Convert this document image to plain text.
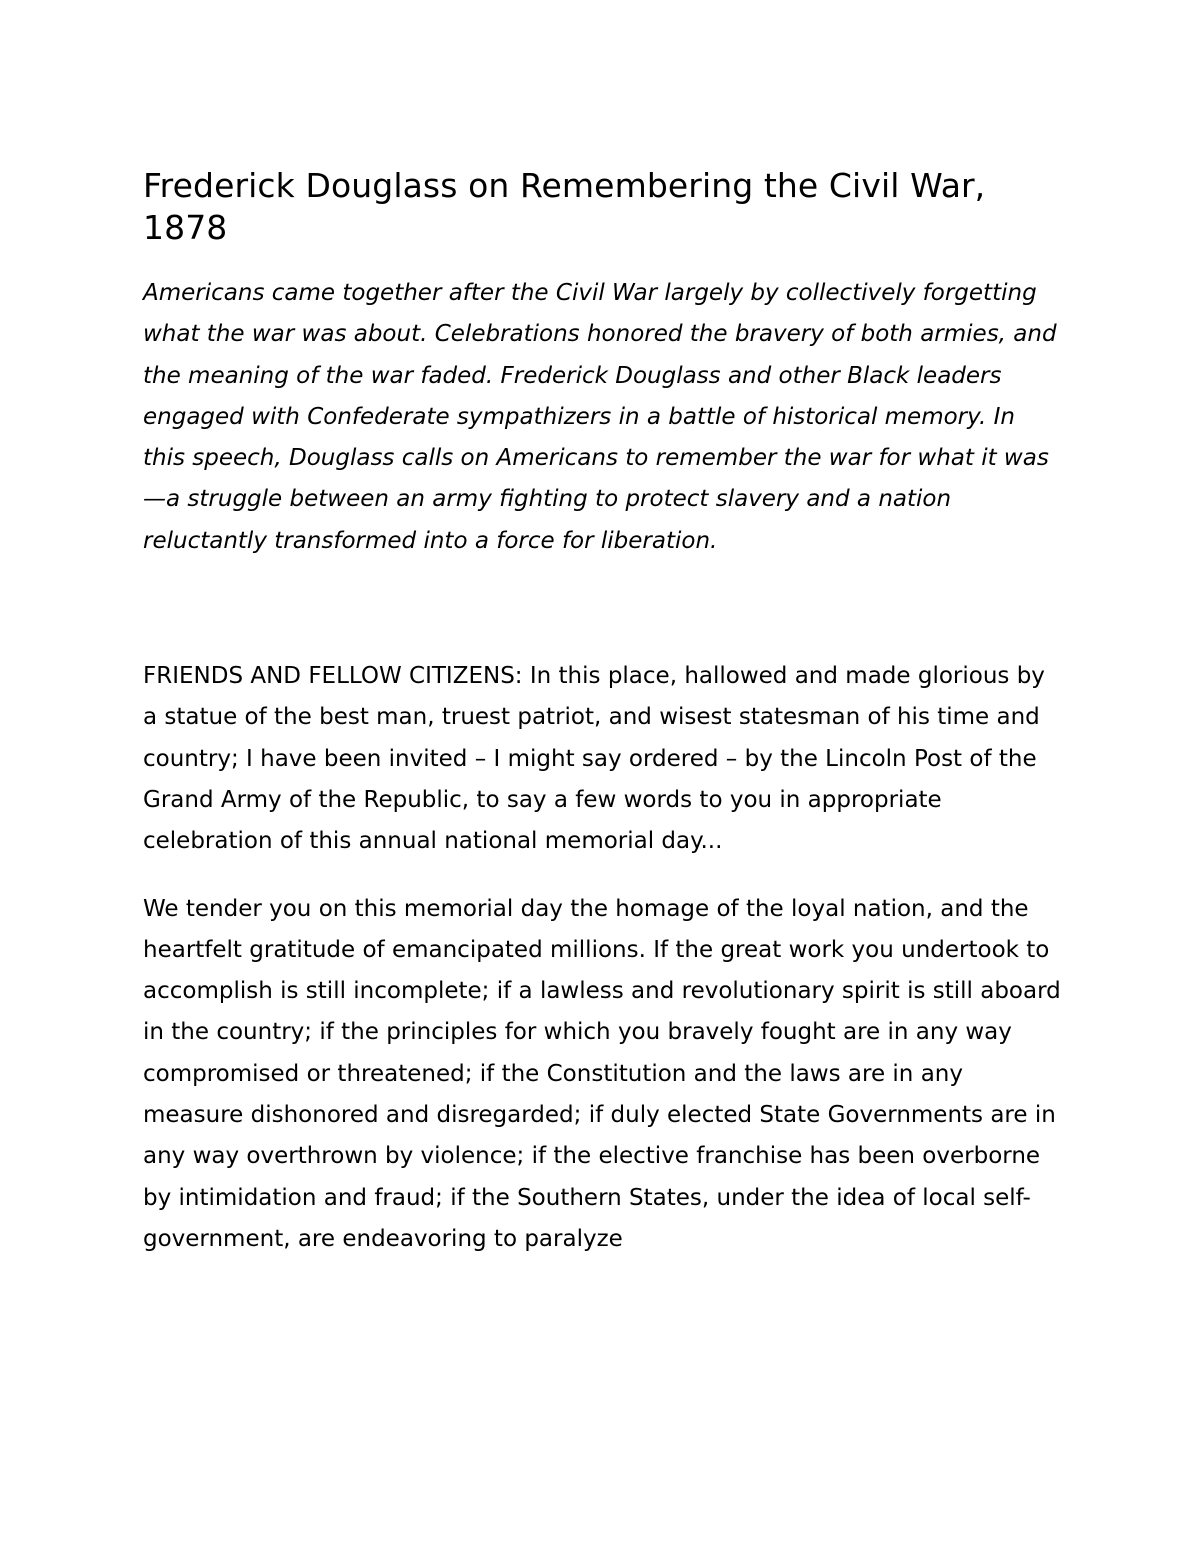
Frederick Douglass on Remembering the Civil War, 1878

Americans came together after the Civil War largely by collectively forgetting what the war was about. Celebrations honored the bravery of both armies, and the meaning of the war faded. Frederick Douglass and other Black leaders engaged with Confederate sympathizers in a battle of historical memory. In this speech, Douglass calls on Americans to remember the war for what it was—a struggle between an army fighting to protect slavery and a nation reluctantly transformed into a force for liberation.

FRIENDS AND FELLOW CITIZENS: In this place, hallowed and made glorious by a statue of the best man, truest patriot, and wisest statesman of his time and country; I have been invited – I might say ordered – by the Lincoln Post of the Grand Army of the Republic, to say a few words to you in appropriate celebration of this annual national memorial day...

We tender you on this memorial day the homage of the loyal nation, and the heartfelt gratitude of emancipated millions. If the great work you undertook to accomplish is still incomplete; if a lawless and revolutionary spirit is still aboard in the country; if the principles for which you bravely fought are in any way compromised or threatened; if the Constitution and the laws are in any measure dishonored and disregarded; if duly elected State Governments are in any way overthrown by violence; if the elective franchise has been overborne by intimidation and fraud; if the Southern States, under the idea of local self-government, are endeavoring to paralyze
